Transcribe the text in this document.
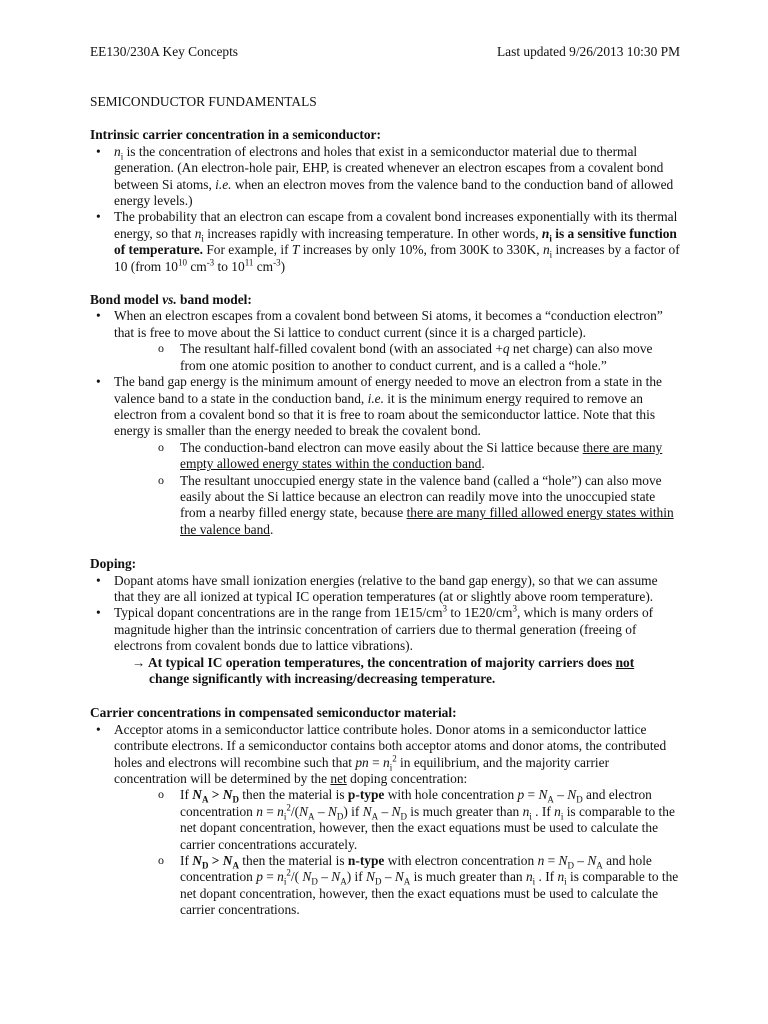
EE130/230A Key Concepts	Last updated 9/26/2013 10:30 PM
SEMICONDUCTOR FUNDAMENTALS
Intrinsic carrier concentration in a semiconductor:
• $n_i$ is the concentration of electrons and holes that exist in a semiconductor material due to thermal generation. (An electron-hole pair, EHP, is created whenever an electron escapes from a covalent bond between Si atoms, i.e. when an electron moves from the valence band to the conduction band of allowed energy levels.)
• The probability that an electron can escape from a covalent bond increases exponentially with its thermal energy, so that $n_i$ increases rapidly with increasing temperature. In other words, $n_i$ is a sensitive function of temperature. For example, if T increases by only 10%, from 300K to 330K, $n_i$ increases by a factor of 10 (from $10^{10}$ $cm^{-3}$ to $10^{11}$ $cm^{-3}$)
Bond model vs. band model:
• When an electron escapes from a covalent bond between Si atoms, it becomes a “conduction electron” that is free to move about the Si lattice to conduct current (since it is a charged particle).
o The resultant half-filled covalent bond (with an associated +q net charge) can also move from one atomic position to another to conduct current, and is a called a “hole.”
• The band gap energy is the minimum amount of energy needed to move an electron from a state in the valence band to a state in the conduction band, i.e. it is the minimum energy required to remove an electron from a covalent bond so that it is free to roam about the semiconductor lattice. Note that this energy is smaller than the energy needed to break the covalent bond.
o The conduction-band electron can move easily about the Si lattice because there are many empty allowed energy states within the conduction band.
o The resultant unoccupied energy state in the valence band (called a “hole”) can also move easily about the Si lattice because an electron can readily move into the unoccupied state from a nearby filled energy state, because there are many filled allowed energy states within the valence band.
Doping:
• Dopant atoms have small ionization energies (relative to the band gap energy), so that we can assume that they are all ionized at typical IC operation temperatures (at or slightly above room temperature).
• Typical dopant concentrations are in the range from $1E15/cm^3$ to $1E20/cm^3$, which is many orders of magnitude higher than the intrinsic concentration of carriers due to thermal generation (freeing of electrons from covalent bonds due to lattice vibrations).
→ At typical IC operation temperatures, the concentration of majority carriers does not
change significantly with increasing/decreasing temperature.
Carrier concentrations in compensated semiconductor material:
• Acceptor atoms in a semiconductor lattice contribute holes. Donor atoms in a semiconductor lattice contribute electrons. If a semiconductor contains both acceptor atoms and donor atoms, the contributed holes and electrons will recombine such that pn = $n_i^2$ in equilibrium, and the majority carrier concentration will be determined by the net doping concentration:
o If $N_A > N_D$ then the material is p-type with hole concentration $p = N_A - N_D$ and electron concentration $n = n_i^2/(N_A - N_D)$ if $N_A - N_D$ is much greater than $n_i$ . If $n_i$ is comparable to the net dopant concentration, however, then the exact equations must be used to calculate the carrier concentrations accurately.
o If $N_D > N_A$ then the material is n-type with electron concentration $n = N_D - N_A$ and hole concentration $p = n_i^2/$( $N_D - N_A$) if $N_D - N_A$ is much greater than $n_i$ . If $n_i$ is comparable to the net dopant concentration, however, then the exact equations must be used to calculate the carrier concentrations.
